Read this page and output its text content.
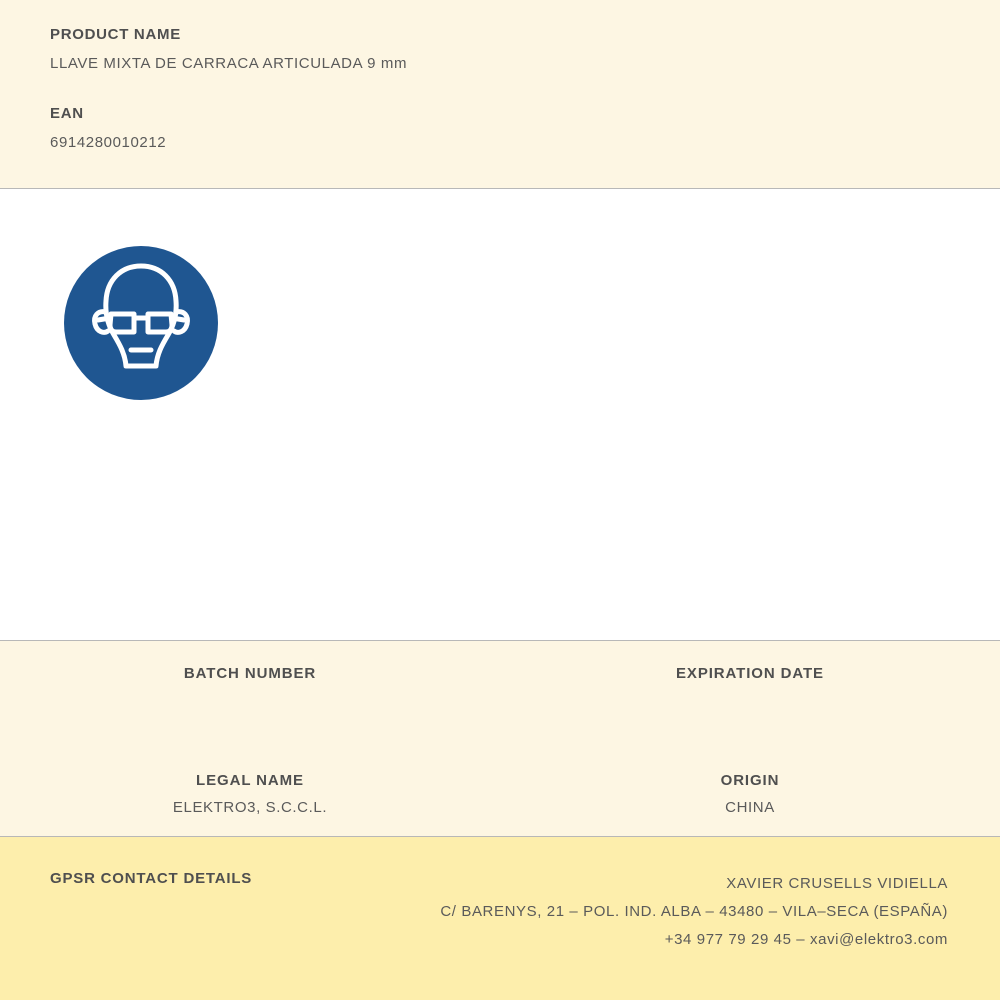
PRODUCT NAME

LLAVE MIXTA DE CARRACA ARTICULADA 9 mm

EAN

6914280010212

BATCH NUMBER	EXPIRATION DATE

LEGAL NAME

ELEKTRO3, S.C.C.L.

ORIGIN

CHINA

GPSR CONTACT DETAILS	XAVIER CRUSELLS VIDIELLA
C/ BARENYS, 21 – POL. IND. ALBA – 43480 – VILA–SECA (ESPAÑA)
+34 977 79 29 45 – xavi@elektro3.com
